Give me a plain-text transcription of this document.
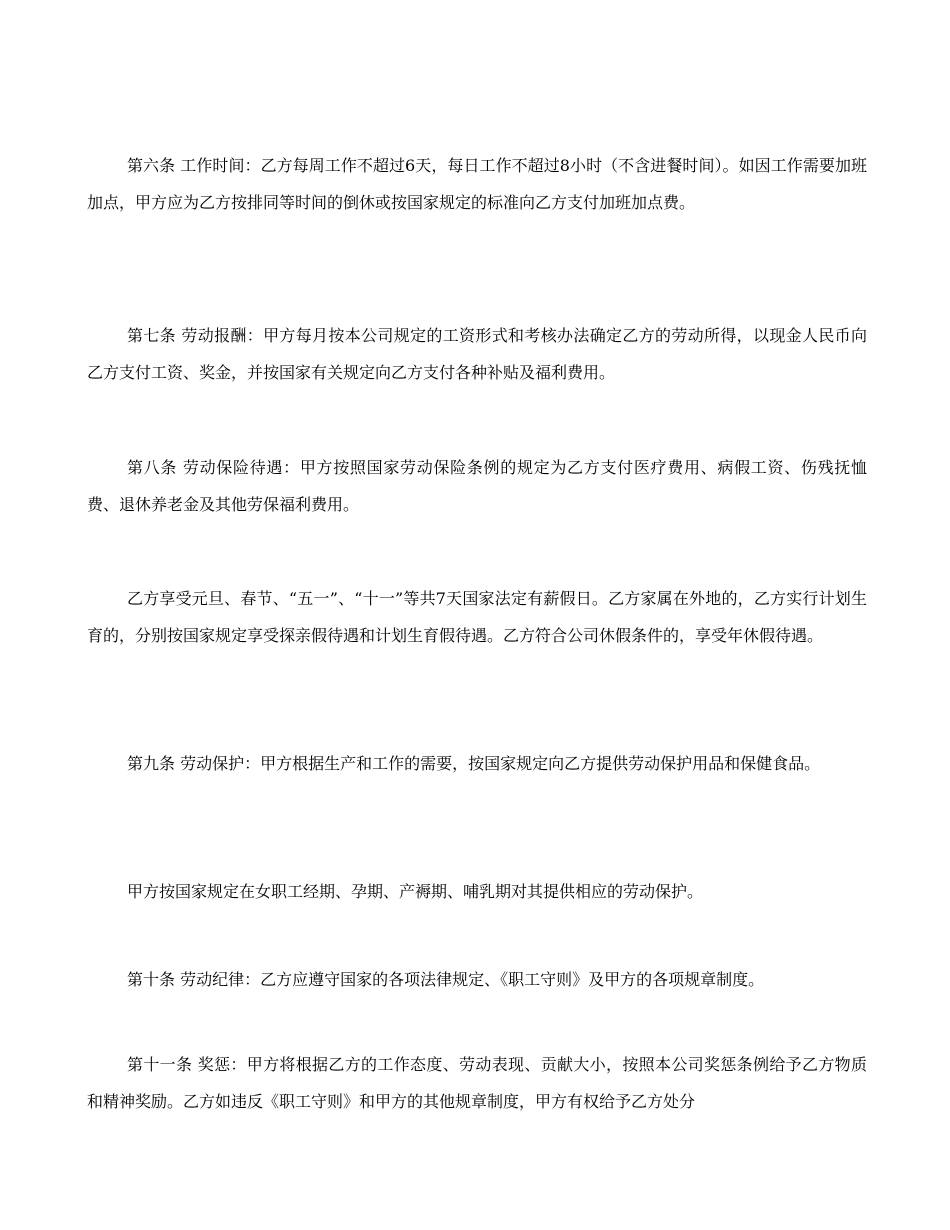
第六条 工作时间：乙方每周工作不超过6天，每日工作不超过8小时（不含进餐时间）。如因工作需要加班加点，甲方应为乙方按排同等时间的倒休或按国家规定的标准向乙方支付加班加点费。

第七条 劳动报酬：甲方每月按本公司规定的工资形式和考核办法确定乙方的劳动所得，以现金人民币向乙方支付工资、奖金，并按国家有关规定向乙方支付各种补贴及福利费用。

第八条 劳动保险待遇：甲方按照国家劳动保险条例的规定为乙方支付医疗费用、病假工资、伤残抚恤费、退休养老金及其他劳保福利费用。

乙方享受元旦、春节、“五一”、“十一”等共7天国家法定有薪假日。乙方家属在外地的，乙方实行计划生育的，分别按国家规定享受探亲假待遇和计划生育假待遇。乙方符合公司休假条件的，享受年休假待遇。

第九条 劳动保护：甲方根据生产和工作的需要，按国家规定向乙方提供劳动保护用品和保健食品。

甲方按国家规定在女职工经期、孕期、产褥期、哺乳期对其提供相应的劳动保护。

第十条 劳动纪律：乙方应遵守国家的各项法律规定、《职工守则》及甲方的各项规章制度。

第十一条 奖惩：甲方将根据乙方的工作态度、劳动表现、贡献大小，按照本公司奖惩条例给予乙方物质和精神奖励。乙方如违反《职工守则》和甲方的其他规章制度，甲方有权给予乙方处分
